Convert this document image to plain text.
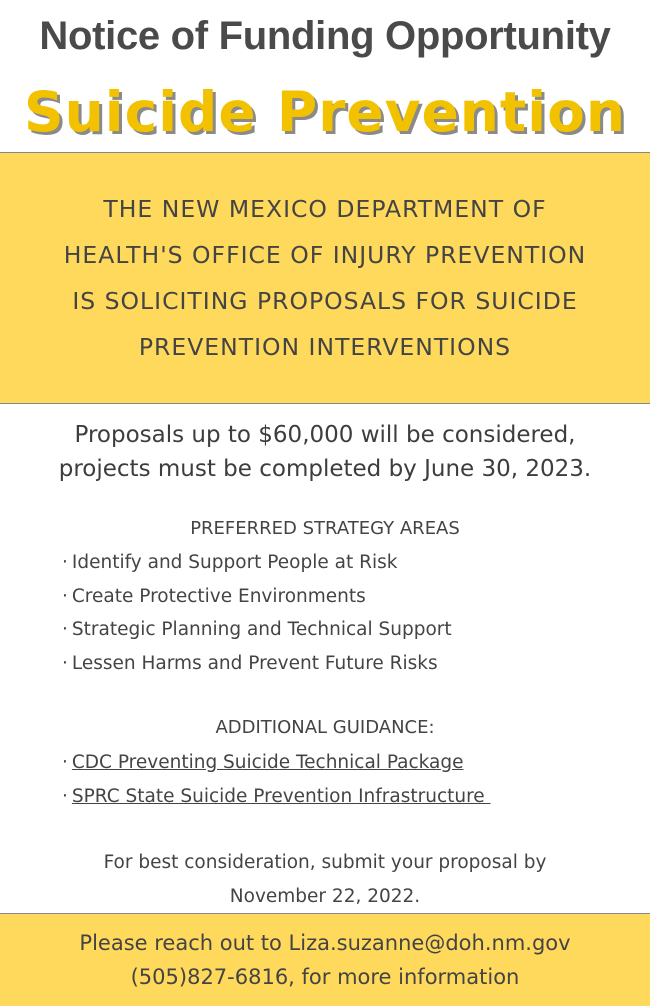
Notice of Funding Opportunity
Suicide Prevention
THE NEW MEXICO DEPARTMENT OF
HEALTH'S OFFICE OF INJURY PREVENTION
IS SOLICITING PROPOSALS FOR SUICIDE
PREVENTION INTERVENTIONS
Proposals up to $60,000 will be considered,
projects must be completed by June 30, 2023.
PREFERRED STRATEGY AREAS
· Identify and Support People at Risk
· Create Protective Environments
· Strategic Planning and Technical Support
· Lessen Harms and Prevent Future Risks
ADDITIONAL GUIDANCE:
· CDC Preventing Suicide Technical Package
· SPRC State Suicide Prevention Infrastructure
For best consideration, submit your proposal by
November 22, 2022.
Please reach out to Liza.suzanne@doh.nm.gov
(505)827-6816, for more information
